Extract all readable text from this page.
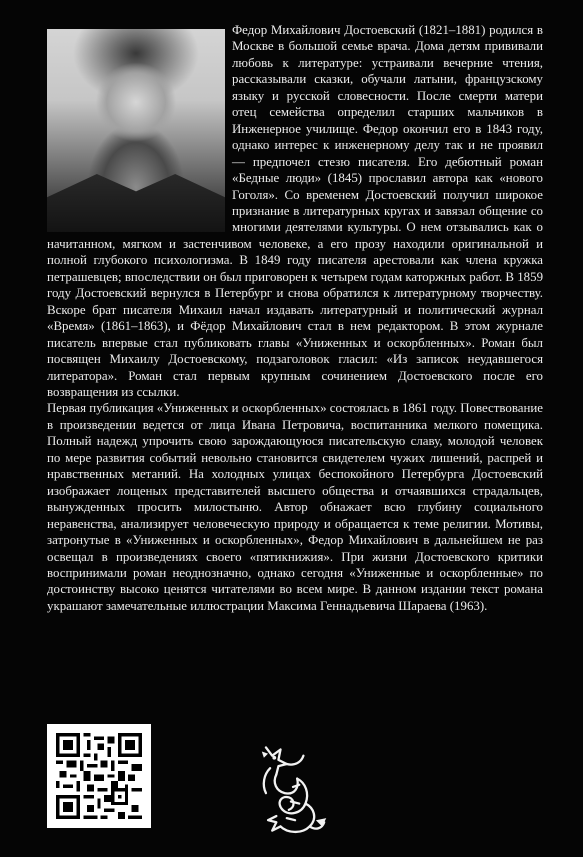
Федор Михайлович Достоевский (1821–1881) родился в Москве в большой семье врача. Дома детям прививали любовь к литературе: устраивали вечерние чтения, рассказывали сказки, обучали латыни, французскому языку и русской словесности. После смерти матери отец семейства определил старших мальчиков в Инженерное училище. Федор окончил его в 1843 году, однако интерес к инженерному делу так и не проявил — предпочел стезю писателя. Его дебютный роман «Бедные люди» (1845) прославил автора как «нового Гоголя». Со временем Достоевский получил широкое признание в литературных кругах и завязал общение со многими деятелями культуры. О нем отзывались как о начитанном, мягком и застенчивом человеке, а его прозу находили оригинальной и полной глубокого психологизма. В 1849 году писателя арестовали как члена кружка петрашевцев; впоследствии он был приговорен к четырем годам каторжных работ. В 1859 году Достоевский вернулся в Петербург и снова обратился к литературному творчеству. Вскоре брат писателя Михаил начал издавать литературный и политический журнал «Время» (1861–1863), и Фёдор Михайлович стал в нем редактором. В этом журнале писатель впервые стал публиковать главы «Униженных и оскорбленных». Роман был посвящен Михаилу Достоевскому, подзаголовок гласил: «Из записок неудавшегося литератора». Роман стал первым крупным сочинением Достоевского после его возвращения из ссылки.

Первая публикация «Униженных и оскорбленных» состоялась в 1861 году. Повествование в произведении ведется от лица Ивана Петровича, воспитанника мелкого помещика. Полный надежд упрочить свою зарождающуюся писательскую славу, молодой человек по мере развития событий невольно становится свидетелем чужих лишений, распрей и нравственных метаний. На холодных улицах беспокойного Петербурга Достоевский изображает лощеных представителей высшего общества и отчаявшихся страдальцев, вынужденных просить милостыню. Автор обнажает всю глубину социального неравенства, анализирует человеческую природу и обращается к теме религии. Мотивы, затронутые в «Униженных и оскорбленных», Федор Михайлович в дальнейшем не раз освещал в произведениях своего «пятикнижия». При жизни Достоевского критики воспринимали роман неоднозначно, однако сегодня «Униженные и оскорбленные» по достоинству высоко ценятся читателями во всем мире. В данном издании текст романа украшают замечательные иллюстрации Максима Геннадьевича Шараева (1963).
